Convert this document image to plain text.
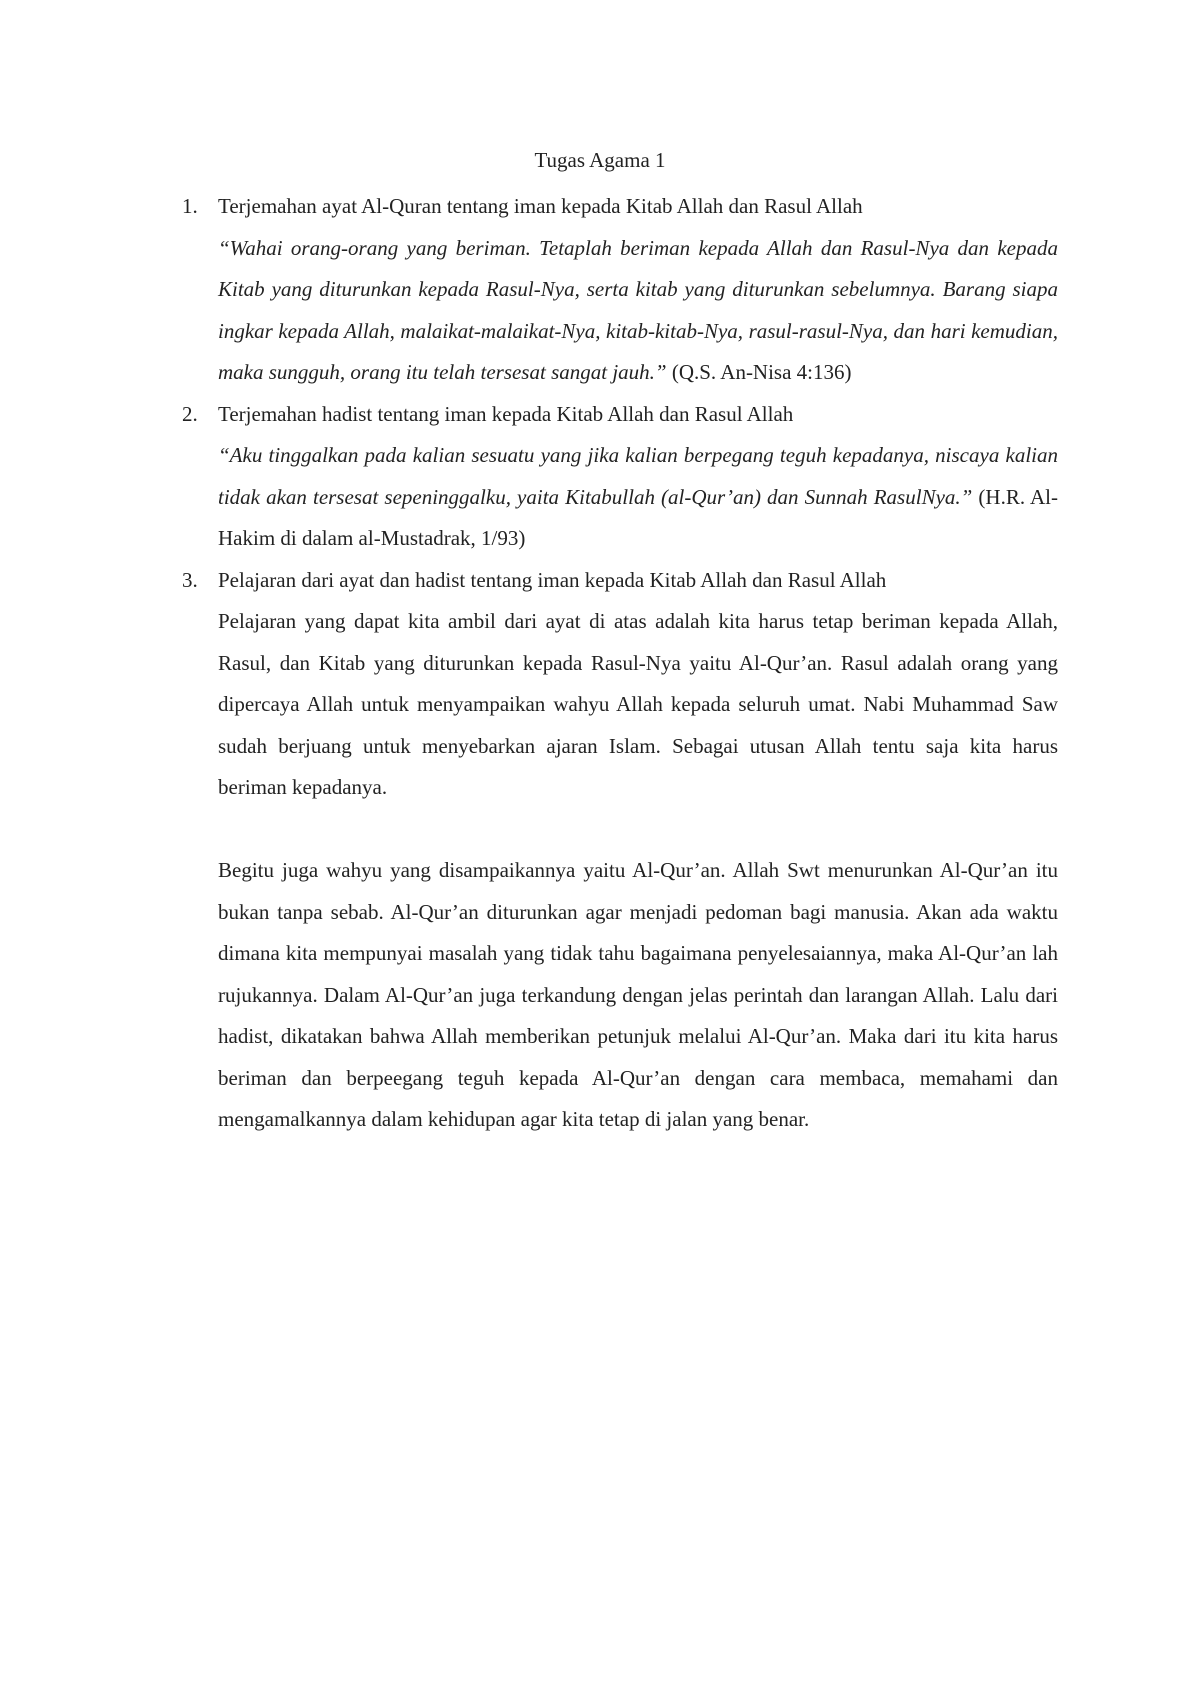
Tugas Agama 1
1. Terjemahan ayat Al-Quran tentang iman kepada Kitab Allah dan Rasul Allah
“Wahai orang-orang yang beriman. Tetaplah beriman kepada Allah dan Rasul-Nya dan kepada Kitab yang diturunkan kepada Rasul-Nya, serta kitab yang diturunkan sebelumnya. Barang siapa ingkar kepada Allah, malaikat-malaikat-Nya, kitab-kitab-Nya, rasul-rasul-Nya, dan hari kemudian, maka sungguh, orang itu telah tersesat sangat jauh.” (Q.S. An-Nisa 4:136)
2. Terjemahan hadist tentang iman kepada Kitab Allah dan Rasul Allah
“Aku tinggalkan pada kalian sesuatu yang jika kalian berpegang teguh kepadanya, niscaya kalian tidak akan tersesat sepeninggalku, yaita Kitabullah (al-Qur’an) dan Sunnah RasulNya.” (H.R. Al-Hakim di dalam al-Mustadrak, 1/93)
3. Pelajaran dari ayat dan hadist tentang iman kepada Kitab Allah dan Rasul Allah
Pelajaran yang dapat kita ambil dari ayat di atas adalah kita harus tetap beriman kepada Allah, Rasul, dan Kitab yang diturunkan kepada Rasul-Nya yaitu Al-Qur’an. Rasul adalah orang yang dipercaya Allah untuk menyampaikan wahyu Allah kepada seluruh umat. Nabi Muhammad Saw sudah berjuang untuk menyebarkan ajaran Islam. Sebagai utusan Allah tentu saja kita harus beriman kepadanya.
Begitu juga wahyu yang disampaikannya yaitu Al-Qur’an. Allah Swt menurunkan Al-Qur’an itu bukan tanpa sebab. Al-Qur’an diturunkan agar menjadi pedoman bagi manusia. Akan ada waktu dimana kita mempunyai masalah yang tidak tahu bagaimana penyelesaiannya, maka Al-Qur’an lah rujukannya. Dalam Al-Qur’an juga terkandung dengan jelas perintah dan larangan Allah. Lalu dari hadist, dikatakan bahwa Allah memberikan petunjuk melalui Al-Qur’an. Maka dari itu kita harus beriman dan berpeegang teguh kepada Al-Qur’an dengan cara membaca, memahami dan mengamalkannya dalam kehidupan agar kita tetap di jalan yang benar.
